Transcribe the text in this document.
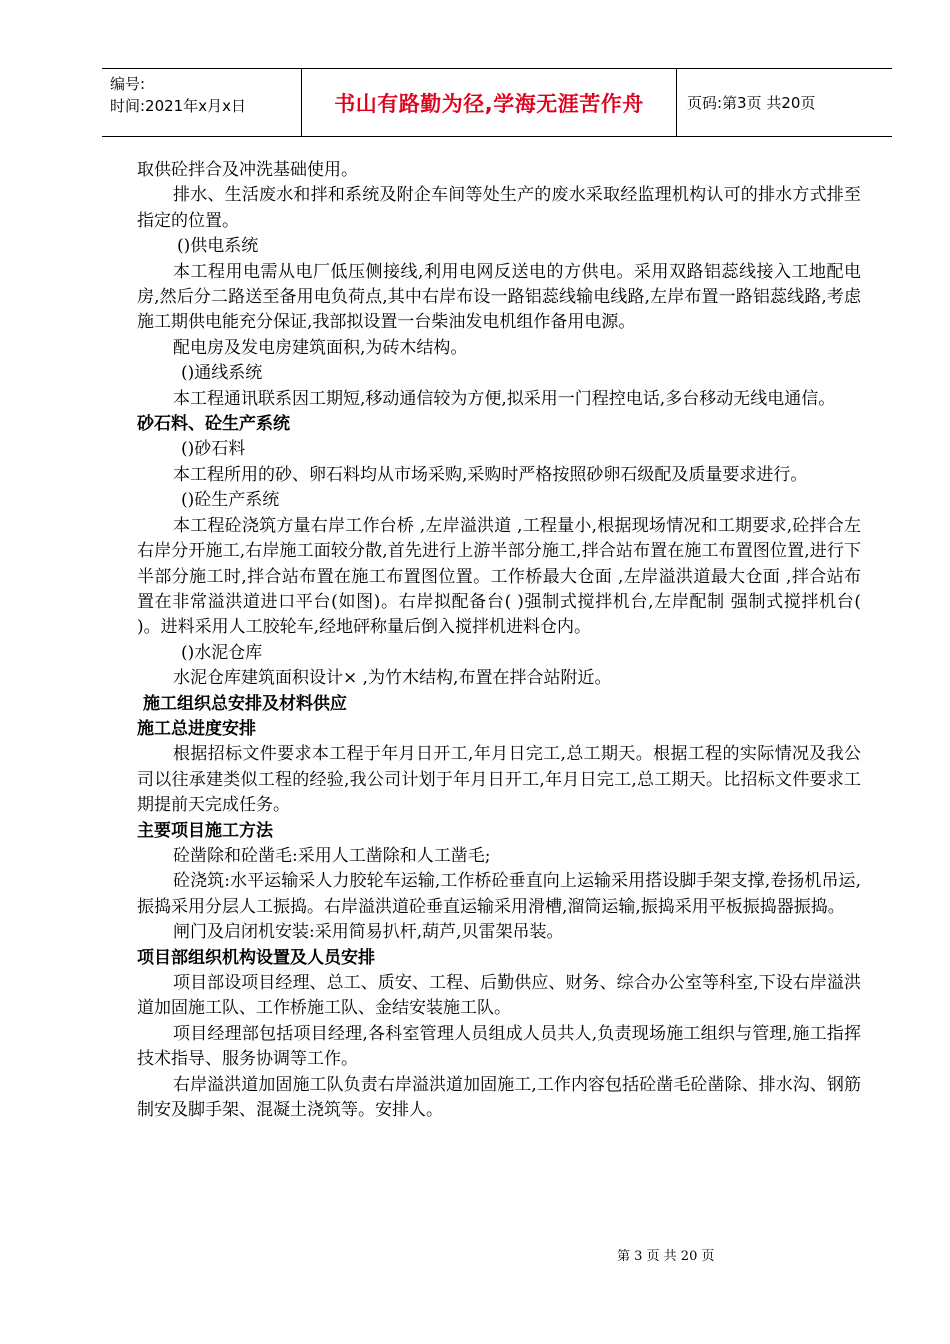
编号:
时间:2021年x月x日	书山有路勤为径,学海无涯苦作舟	页码:第3页 共20页

取供砼拌合及冲洗基础使用。

排水、生活废水和拌和系统及附企车间等处生产的废水采取经监理机构认可的排水方式排至指定的位置。

()供电系统

本工程用电需从电厂低压侧接线,利用电网反送电的方供电。采用双路铝蕊线接入工地配电房,然后分二路送至备用电负荷点,其中右岸布设一路铝蕊线输电线路,左岸布置一路铝蕊线路,考虑施工期供电能充分保证,我部拟设置一台柴油发电机组作备用电源。

配电房及发电房建筑面积,为砖木结构。

()通线系统

本工程通讯联系因工期短,移动通信较为方便,拟采用一门程控电话,多台移动无线电通信。

砂石料、砼生产系统

()砂石料

本工程所用的砂、卵石料均从市场采购,采购时严格按照砂卵石级配及质量要求进行。

()砼生产系统

本工程砼浇筑方量右岸工作台桥 ,左岸溢洪道 ,工程量小,根据现场情况和工期要求,砼拌合左右岸分开施工,右岸施工面较分散,首先进行上游半部分施工,拌合站布置在施工布置图位置,进行下半部分施工时,拌合站布置在施工布置图位置。工作桥最大仓面 ,左岸溢洪道最大仓面 ,拌合站布置在非常溢洪道进口平台(如图)。右岸拟配备台( )强制式搅拌机台,左岸配制 强制式搅拌机台( )。进料采用人工胶轮车,经地砰称量后倒入搅拌机进料仓内。

()水泥仓库

水泥仓库建筑面积设计× ,为竹木结构,布置在拌合站附近。

施工组织总安排及材料供应

施工总进度安排

根据招标文件要求本工程于年月日开工,年月日完工,总工期天。根据工程的实际情况及我公司以往承建类似工程的经验,我公司计划于年月日开工,年月日完工,总工期天。比招标文件要求工期提前天完成任务。

主要项目施工方法

砼凿除和砼凿毛:采用人工凿除和人工凿毛;

砼浇筑:水平运输采人力胶轮车运输,工作桥砼垂直向上运输采用搭设脚手架支撑,卷扬机吊运,振捣采用分层人工振捣。右岸溢洪道砼垂直运输采用滑槽,溜筒运输,振捣采用平板振捣器振捣。

闸门及启闭机安装:采用简易扒杆,葫芦,贝雷架吊装。

项目部组织机构设置及人员安排

项目部设项目经理、总工、质安、工程、后勤供应、财务、综合办公室等科室,下设右岸溢洪道加固施工队、工作桥施工队、金结安装施工队。

项目经理部包括项目经理,各科室管理人员组成人员共人,负责现场施工组织与管理,施工指挥技术指导、服务协调等工作。

右岸溢洪道加固施工队负责右岸溢洪道加固施工,工作内容包括砼凿毛砼凿除、排水沟、钢筋制安及脚手架、混凝土浇筑等。安排人。

第 3 页 共 20 页
